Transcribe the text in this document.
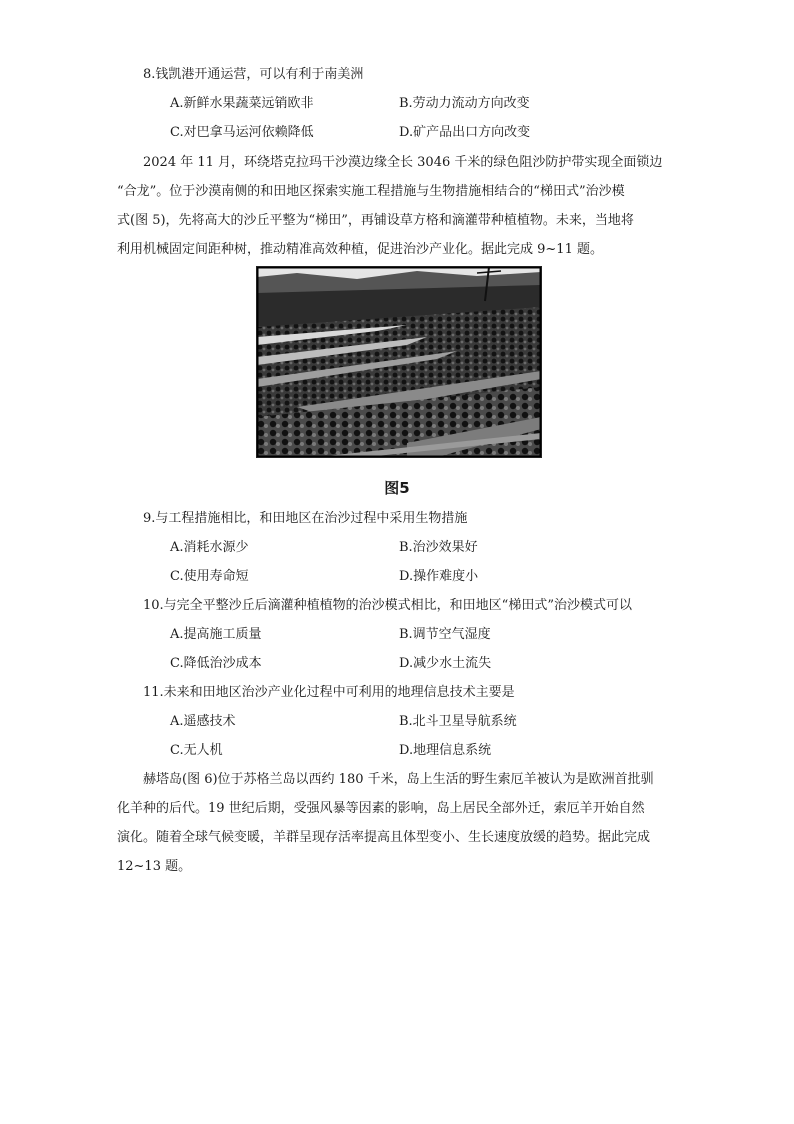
8.钱凯港开通运营，可以有利于南美洲
A.新鲜水果蔬菜远销欧非	B.劳动力流动方向改变
C.对巴拿马运河依赖降低	D.矿产品出口方向改变
2024 年 11 月，环绕塔克拉玛干沙漠边缘全长 3046 千米的绿色阻沙防护带实现全面锁边
“合龙”。位于沙漠南侧的和田地区探索实施工程措施与生物措施相结合的“梯田式”治沙模
式(图 5)，先将高大的沙丘平整为“梯田”，再铺设草方格和滴灌带种植植物。未来，当地将
利用机械固定间距种树，推动精准高效种植，促进治沙产业化。据此完成 9~11 题。
图5
9.与工程措施相比，和田地区在治沙过程中采用生物措施
A.消耗水源少	B.治沙效果好
C.使用寿命短	D.操作难度小
10.与完全平整沙丘后滴灌种植植物的治沙模式相比，和田地区“梯田式”治沙模式可以
A.提高施工质量	B.调节空气湿度
C.降低治沙成本	D.减少水土流失
11.未来和田地区治沙产业化过程中可利用的地理信息技术主要是
A.遥感技术	B.北斗卫星导航系统
C.无人机	D.地理信息系统
赫塔岛(图 6)位于苏格兰岛以西约 180 千米，岛上生活的野生索厄羊被认为是欧洲首批驯
化羊种的后代。19 世纪后期，受强风暴等因素的影响，岛上居民全部外迁，索厄羊开始自然
演化。随着全球气候变暖，羊群呈现存活率提高且体型变小、生长速度放缓的趋势。据此完成
12~13 题。
